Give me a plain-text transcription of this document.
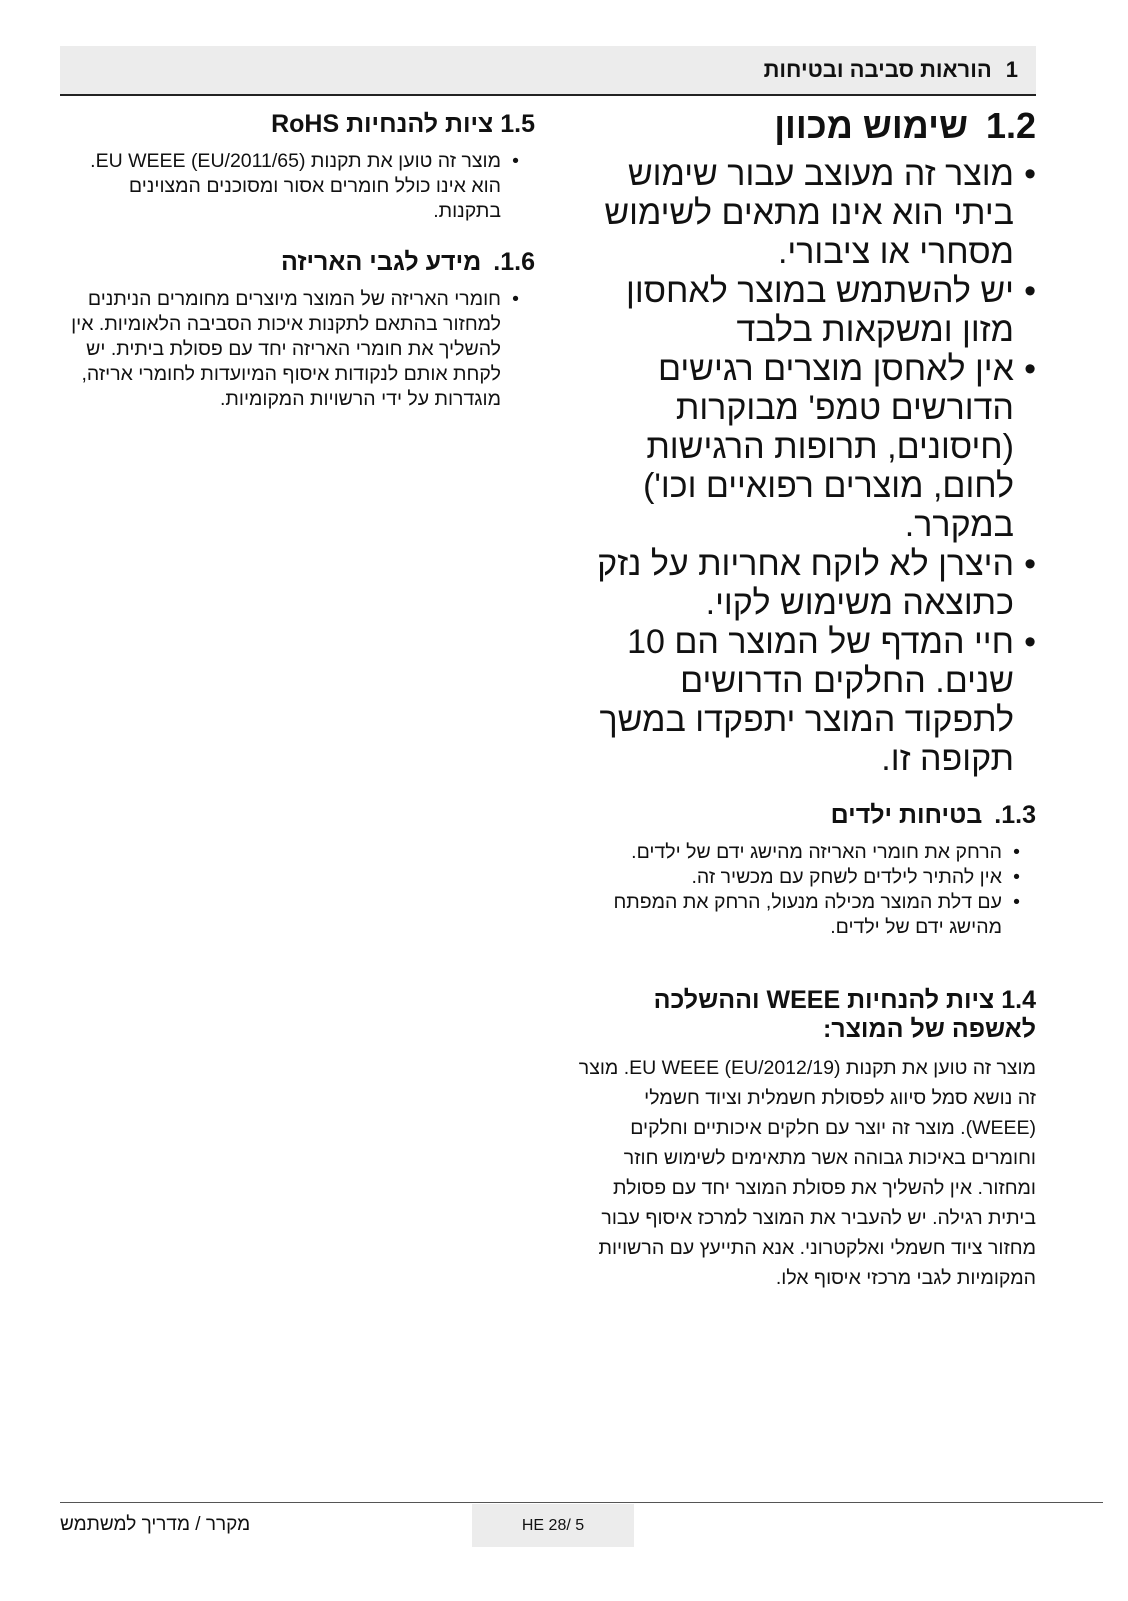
1
הוראות סביבה ובטיחות
1.2
שימוש מכוון
• מוצר זה מעוצב עבור שימוש ביתי הוא אינו מתאים לשימוש מסחרי או ציבורי.
• יש להשתמש במוצר לאחסון מזון ומשקאות בלבד
• אין לאחסן מוצרים רגישים הדורשים טמפ' מבוקרות (חיסונים, תרופות הרגישות לחום, מוצרים רפואיים וכו') במקרר.
• היצרן לא לוקח אחריות על נזק כתוצאה משימוש לקוי.
• חיי המדף של המוצר הם 10 שנים. החלקים הדרושים לתפקוד המוצר יתפקדו במשך תקופה זו.
1.3.
בטיחות ילדים
• הרחק את חומרי האריזה מהישג ידם של ילדים.
• אין להתיר לילדים לשחק עם מכשיר זה.
• עם דלת המוצר מכילה מנעול, הרחק את המפתח מהישג ידם של ילדים.
1.4 ציות להנחיות WEEE וההשלכה לאשפה של המוצר:

מוצר זה טוען את תקנות EU WEEE (EU/2012/19). מוצר זה נושא סמל סיווג לפסולת חשמלית וציוד חשמלי (WEEE). מוצר זה יוצר עם חלקים איכותיים וחלקים וחומרים באיכות גבוהה אשר מתאימים לשימוש חוזר ומחזור. אין להשליך את פסולת המוצר יחד עם פסולת ביתית רגילה. יש להעביר את המוצר למרכז איסוף עבור מחזור ציוד חשמלי ואלקטרוני. אנא התייעץ עם הרשויות המקומיות לגבי מרכזי איסוף אלו.

1.5 ציות להנחיות RoHS
• מוצר זה טוען את תקנות EU WEEE (EU/2011/65). הוא אינו כולל חומרים אסור ומסוכנים המצוינים בתקנות.
1.6.
מידע לגבי האריזה
• חומרי האריזה של המוצר מיוצרים מחומרים הניתנים למחזור בהתאם לתקנות איכות הסביבה הלאומיות. אין להשליך את חומרי האריזה יחד עם פסולת ביתית. יש לקחת אותם לנקודות איסוף המיועדות לחומרי אריזה, מוגדרות על ידי הרשויות המקומיות.
מקרר / מדריך למשתמש	HE 28/ 5
